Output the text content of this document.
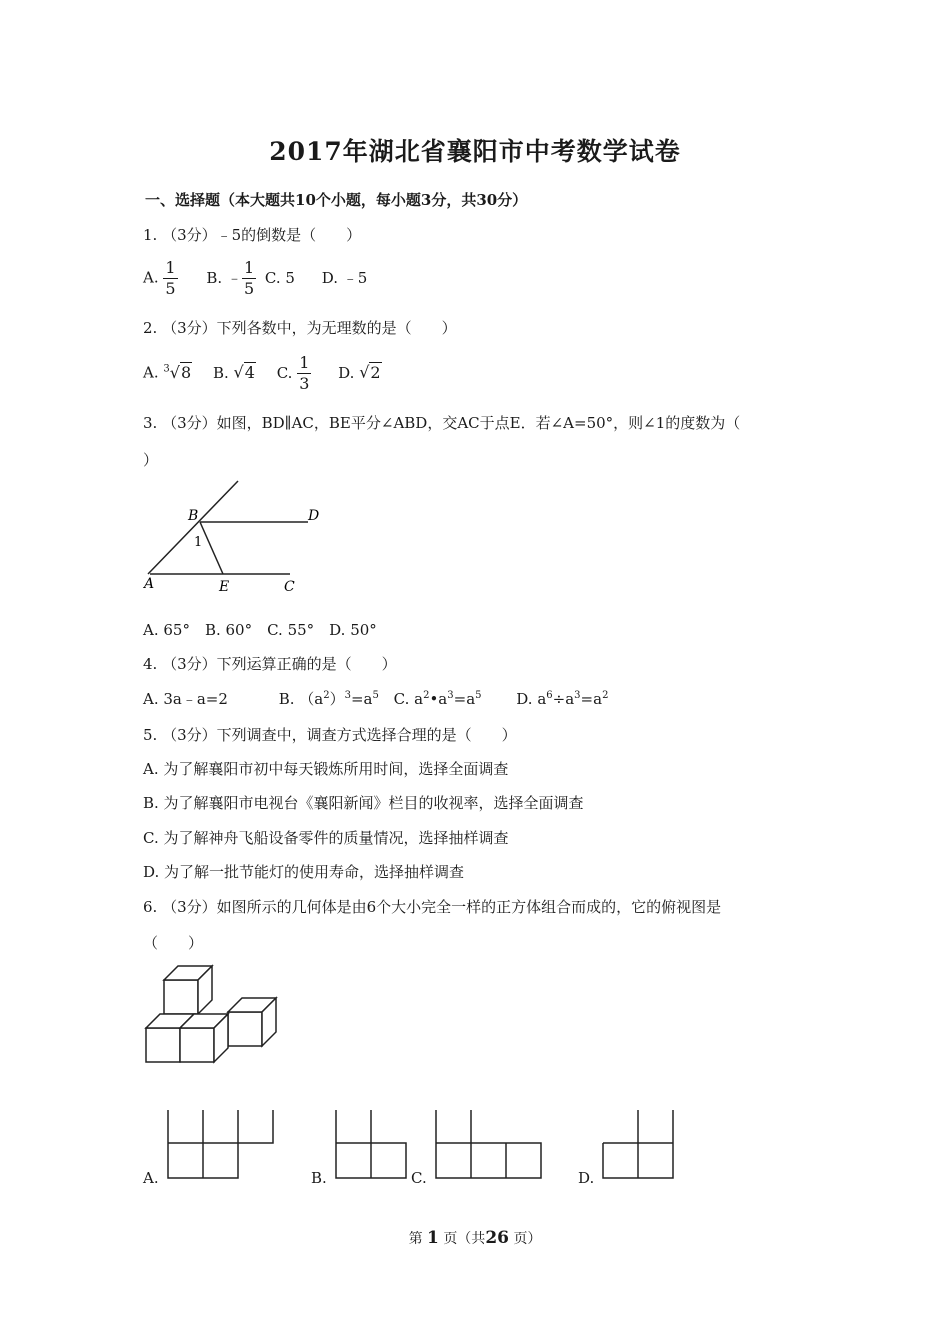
2017年湖北省襄阳市中考数学试卷
一、选择题（本大题共10个小题，每小题3分，共30分）
1. （3分）﹣5的倒数是（　　）
A. $\frac{1}{5} B$. ﹣ $\frac{1}{5} C$. 5 D. ﹣5
2. （3分）下列各数中，为无理数的是（　　）
A. $^3$√8 B. √4 C. $\frac{1}{3} D$. √2
3. （3分）如图，BD∥AC，BE平分∠ABD，交AC于点E．若∠A=50°，则∠1的度数为（
）
B	D
A	E	C
1
A. 65°　B. 60°　C. 55°　D. 50°
4. （3分）下列运算正确的是（　　）
A. 3a﹣a=2	B. $(a^2)^3=a^5$ C. $a^2•a^3=a^5$ D. $a^6\div a^3=a^2$
5. （3分）下列调查中，调查方式选择合理的是（　　）
A. 为了解襄阳市初中每天锻炼所用时间，选择全面调查
B. 为了解襄阳市电视台《襄阳新闻》栏目的收视率，选择全面调查
C. 为了解神舟飞船设备零件的质量情况，选择抽样调查
D. 为了解一批节能灯的使用寿命，选择抽样调查
6. （3分）如图所示的几何体是由6个大小完全一样的正方体组合而成的，它的俯视图是
（　　）
A.	B.	C.	D.
第 1 页（共26 页）
